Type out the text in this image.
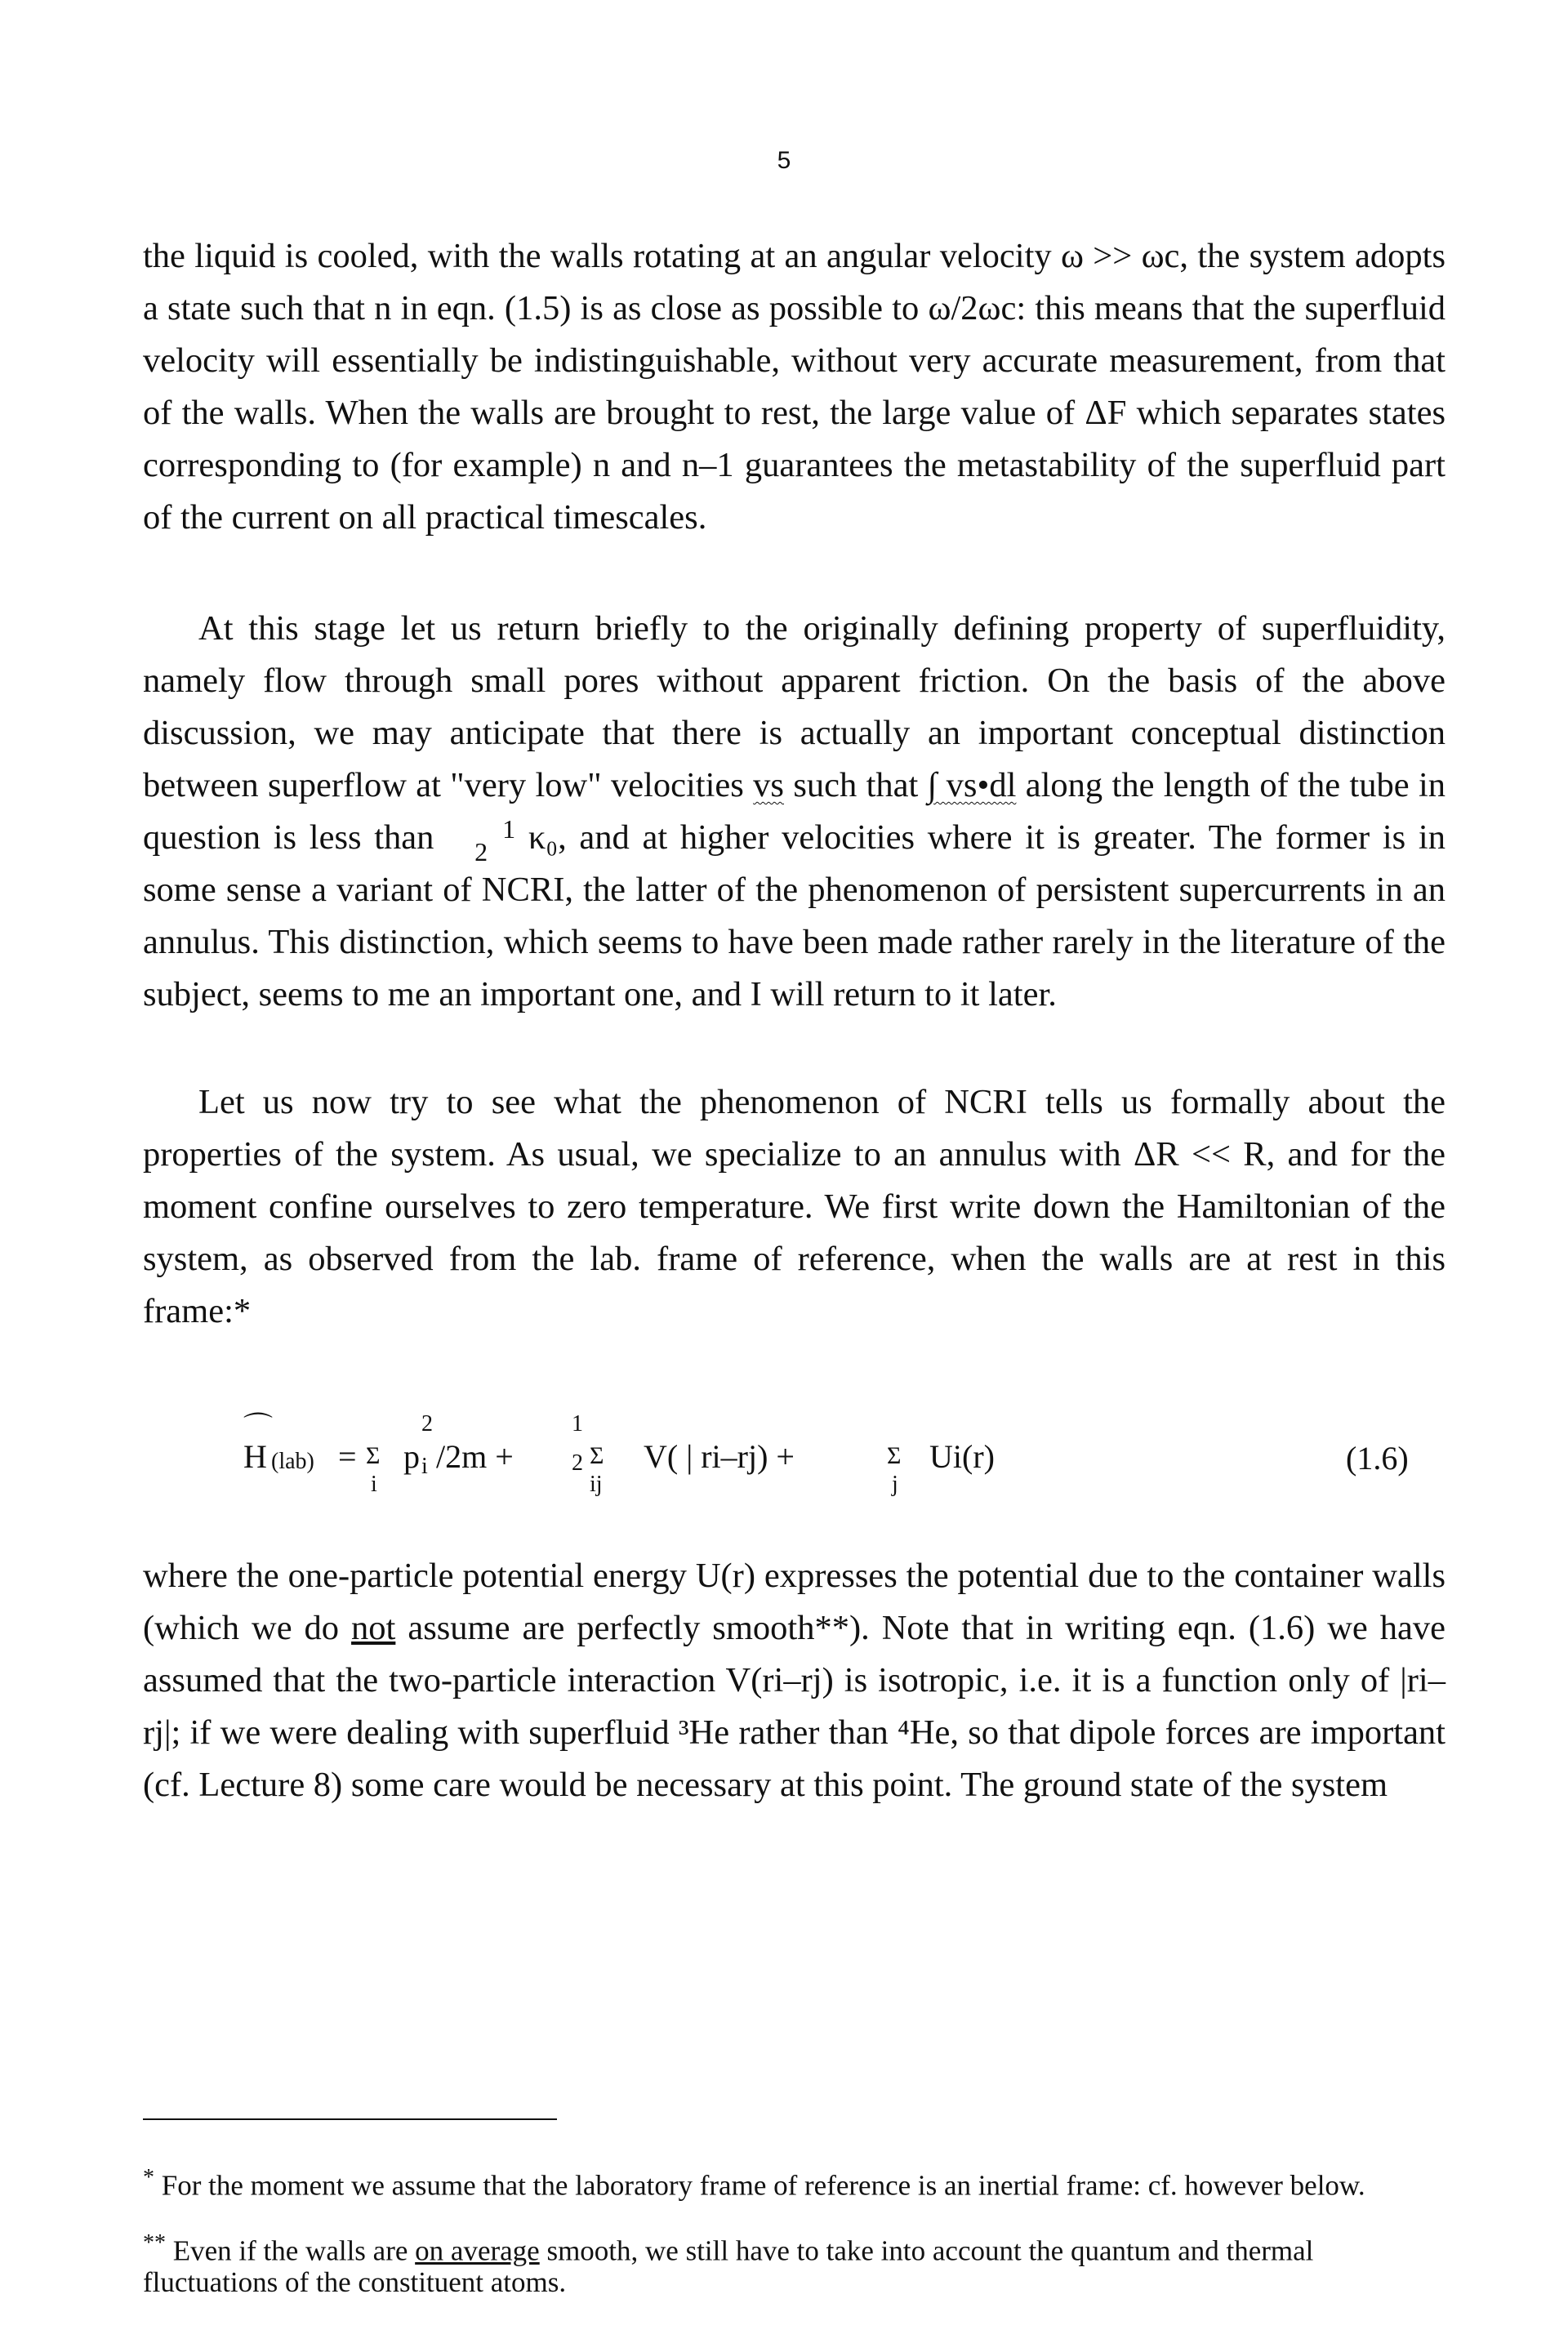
5

the liquid is cooled, with the walls rotating at an angular velocity ω >> ωc, the system adopts a state such that n in eqn. (1.5) is as close as possible to ω/2ωc: this means that the superfluid velocity will essentially be indistinguishable, without very accurate measurement, from that of the walls. When the walls are brought to rest, the large value of ΔF which separates states corresponding to (for example) n and n–1 guarantees the metastability of the superfluid part of the current on all practical timescales.

At this stage let us return briefly to the originally defining property of superfluidity, namely flow through small pores without apparent friction. On the basis of the above discussion, we may anticipate that there is actually an important conceptual distinction between superflow at "very low" velocities vs such that ∫ vs•dl along the length of the tube in question is less than	1
2 κ₀, and at higher velocities where it is greater. The former is in some sense a variant of NCRI, the latter of the phenomenon of persistent supercurrents in an annulus. This distinction, which seems to have been made rather rarely in the literature of the subject, seems to me an important one, and I will return to it later.

Let us now try to see what the phenomenon of NCRI tells us formally about the properties of the system. As usual, we specialize to an annulus with ΔR << R, and for the moment confine ourselves to zero temperature. We first write down the Hamiltonian of the system, as observed from the lab. frame of reference, when the walls are at rest in this frame:*

⌒
H (lab) = Σ
i
p
2
i /2m +
1
2 Σ
ij
V( | ri–rj) +	Σ
j
Ui(r)	(1.6)

where the one-particle potential energy U(r) expresses the potential due to the container walls (which we do not assume are perfectly smooth**). Note that in writing eqn. (1.6) we have assumed that the two-particle interaction V(ri–rj) is isotropic, i.e. it is a function only of |ri–rj|; if we were dealing with superfluid ³He rather than ⁴He, so that dipole forces are important (cf. Lecture 8) some care would be necessary at this point. The ground state of the system

* For the moment we assume that the laboratory frame of reference is an inertial frame: cf. however below.
** Even if the walls are on average smooth, we still have to take into account the quantum and thermal fluctuations of the constituent atoms.
